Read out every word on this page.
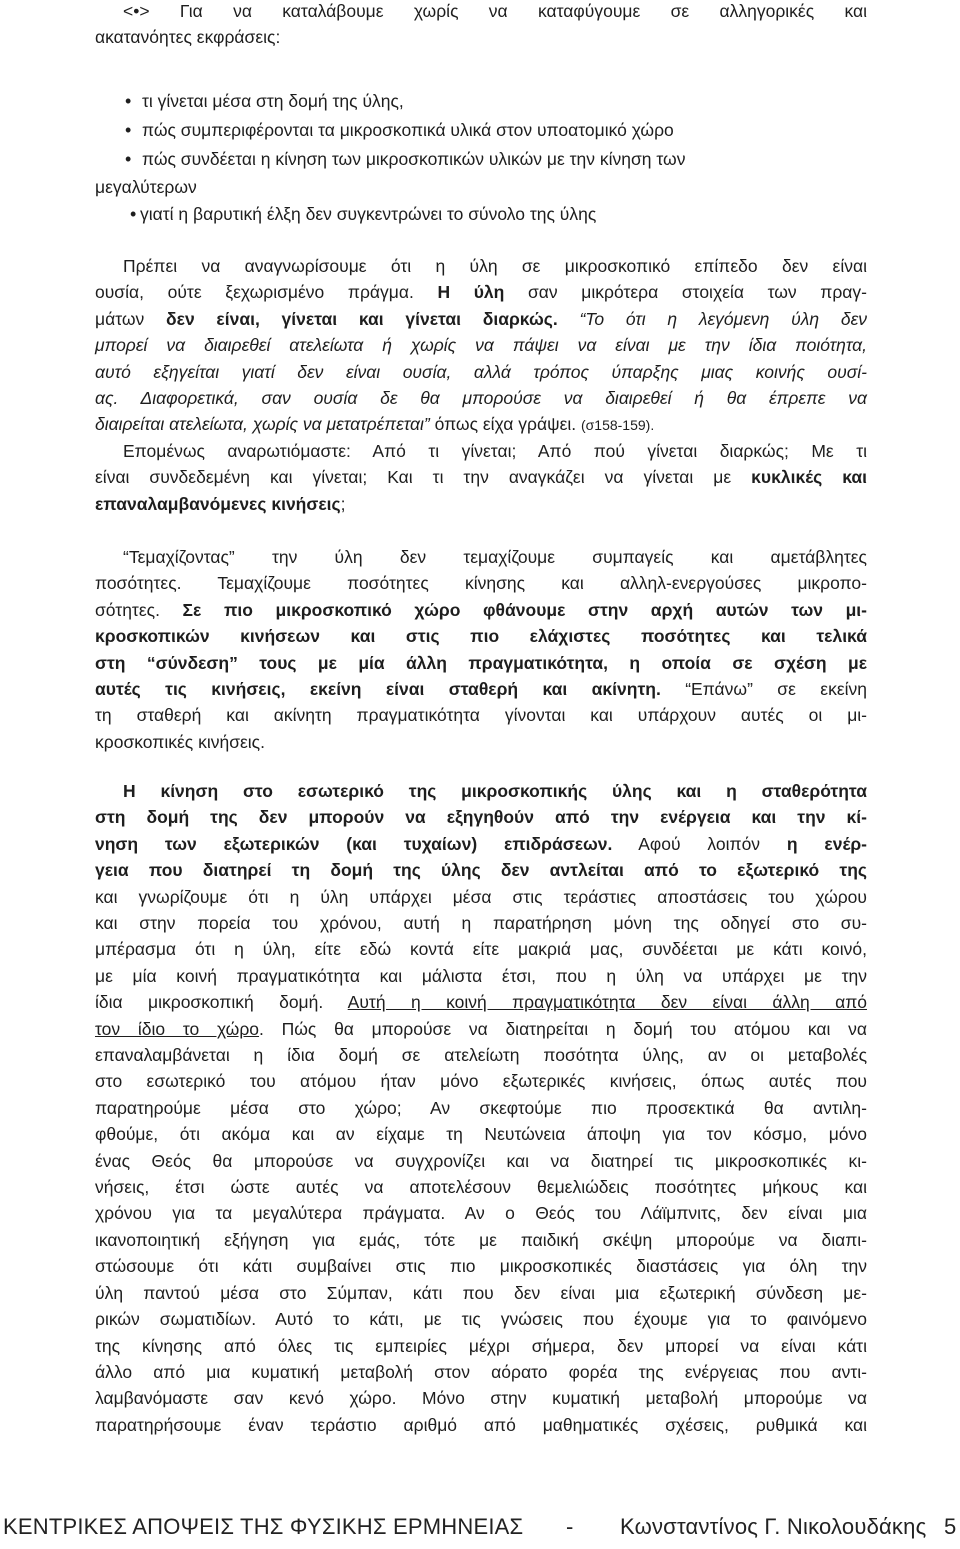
<•> Για να καταλάβουμε χωρίς να καταφύγουμε σε αλληγορικές και
ακατανόητες εκφράσεις:
• τι γίνεται μέσα στη δομή της ύλης,
• πώς συμπεριφέρονται τα μικροσκοπικά υλικά στον υποατομικό χώρο
• πώς συνδέεται η κίνηση των μικροσκοπικών υλικών με την κίνηση των
μεγαλύτερων
• γιατί η βαρυτική έλξη δεν συγκεντρώνει το σύνολο της ύλης
Πρέπει να αναγνωρίσουμε ότι η ύλη σε μικροσκοπικό επίπεδο δεν είναι
ουσία, ούτε ξεχωρισμένο πράγμα. Η ύλη σαν μικρότερα στοιχεία των πραγ-
μάτων δεν είναι, γίνεται και γίνεται διαρκώς. “Το ότι η λεγόμενη ύλη δεν
μπορεί να διαιρεθεί ατελείωτα ή χωρίς να πάψει να είναι με την ίδια ποιότητα,
αυτό εξηγείται γιατί δεν είναι ουσία, αλλά τρόπος ύπαρξης μιας κοινής ουσί-
ας. Διαφορετικά, σαν ουσία δε θα μπορούσε να διαιρεθεί ή θα έπρεπε να
διαιρείται ατελείωτα, χωρίς να μετατρέπεται” όπως είχα γράψει. (σ158-159).
Επομένως αναρωτιόμαστε: Από τι γίνεται; Από πού γίνεται διαρκώς; Με τι
είναι συνδεδεμένη και γίνεται; Και τι την αναγκάζει να γίνεται με κυκλικές και
επαναλαμβανόμενες κινήσεις;
“Τεμαχίζοντας” την ύλη δεν τεμαχίζουμε συμπαγείς και αμετάβλητες
ποσότητες. Τεμαχίζουμε ποσότητες κίνησης και αλληλ-ενεργούσες μικροπο-
σότητες. Σε πιο μικροσκοπικό χώρο φθάνουμε στην αρχή αυτών των μι-
κροσκοπικών κινήσεων και στις πιο ελάχιστες ποσότητες και τελικά
στη “σύνδεση” τους με μία άλλη πραγματικότητα, η οποία σε σχέση με
αυτές τις κινήσεις, εκείνη είναι σταθερή και ακίνητη. “Επάνω” σε εκείνη
τη σταθερή και ακίνητη πραγματικότητα γίνονται και υπάρχουν αυτές οι μι-
κροσκοπικές κινήσεις.
Η κίνηση στο εσωτερικό της μικροσκοπικής ύλης και η σταθερότητα
στη δομή της δεν μπορούν να εξηγηθούν από την ενέργεια και την κί-
νηση των εξωτερικών (και τυχαίων) επιδράσεων. Αφού λοιπόν η ενέρ-
γεια που διατηρεί τη δομή της ύλης δεν αντλείται από το εξωτερικό της
και γνωρίζουμε ότι η ύλη υπάρχει μέσα στις τεράστιες αποστάσεις του χώρου
και στην πορεία του χρόνου, αυτή η παρατήρηση μόνη της οδηγεί στο συ-
μπέρασμα ότι η ύλη, είτε εδώ κοντά είτε μακριά μας, συνδέεται με κάτι κοινό,
με μία κοινή πραγματικότητα και μάλιστα έτσι, που η ύλη να υπάρχει με την
ίδια μικροσκοπική δομή. Αυτή η κοινή πραγματικότητα δεν είναι άλλη από
τον ίδιο το χώρο. Πώς θα μπορούσε να διατηρείται η δομή του ατόμου και να
επαναλαμβάνεται η ίδια δομή σε ατελείωτη ποσότητα ύλης, αν οι μεταβολές
στο εσωτερικό του ατόμου ήταν μόνο εξωτερικές κινήσεις, όπως αυτές που
παρατηρούμε μέσα στο χώρο; Αν σκεφτούμε πιο προσεκτικά θα αντιλη-
φθούμε, ότι ακόμα και αν είχαμε τη Νευτώνεια άποψη για τον κόσμο, μόνο
ένας Θεός θα μπορούσε να συγχρονίζει και να διατηρεί τις μικροσκοπικές κι-
νήσεις, έτσι ώστε αυτές να αποτελέσουν θεμελιώδεις ποσότητες μήκους και
χρόνου για τα μεγαλύτερα πράγματα. Αν ο Θεός του Λάϊμπνιτς, δεν είναι μια
ικανοποιητική εξήγηση για εμάς, τότε με παιδική σκέψη μπορούμε να διαπι-
στώσουμε ότι κάτι συμβαίνει στις πιο μικροσκοπικές διαστάσεις για όλη την
ύλη παντού μέσα στο Σύμπαν, κάτι που δεν είναι μια εξωτερική σύνδεση με-
ρικών σωματιδίων. Αυτό το κάτι, με τις γνώσεις που έχουμε για το φαινόμενο
της κίνησης από όλες τις εμπειρίες μέχρι σήμερα, δεν μπορεί να είναι κάτι
άλλο από μια κυματική μεταβολή στον αόρατο φορέα της ενέργειας που αντι-
λαμβανόμαστε σαν κενό χώρο. Μόνο στην κυματική μεταβολή μπορούμε να
παρατηρήσουμε έναν τεράστιο αριθμό από μαθηματικές σχέσεις, ρυθμικά και
ΚΕΝΤΡΙΚΕΣ ΑΠΟΨΕΙΣ ΤΗΣ ΦΥΣΙΚΗΣ ΕΡΜΗΝΕΙΑΣ - Κωνσταντίνος Γ. Νικολουδάκης 5
